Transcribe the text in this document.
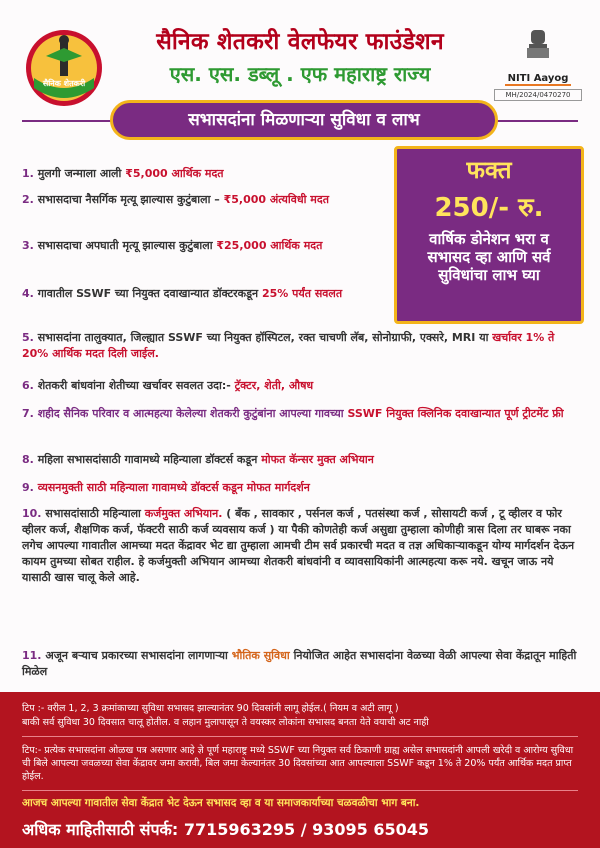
सैनिक शेतकरी
सैनिक शेतकरी वेलफेयर फाउंडेशन
एस. एस. डब्लू . एफ महाराष्ट्र राज्य	NITI Aayog
MH/2024/0470270
सभासदांना मिळणाऱ्या सुविधा व लाभ
फक्त
250/- रु.
वार्षिक डोनेशन भरा व सभासद व्हा आणि सर्व सुविधांचा लाभ घ्या
1. मुलगी जन्माला आली ₹5,000 आर्थिक मदत
2. सभासदाचा नैसर्गिक मृत्यू झाल्यास कुटुंबाला – ₹5,000 अंत्यविधी मदत
3. सभासदाचा अपघाती मृत्यू झाल्यास कुटुंबाला ₹25,000 आर्थिक मदत
4. गावातील SSWF च्या नियुक्त दवाखान्यात डॉक्टरकडून 25% पर्यंत सवलत
5. सभासदांना तालुक्यात, जिल्ह्यात SSWF च्या नियुक्त हॉस्पिटल, रक्त चाचणी लॅब, सोनोग्राफी, एक्सरे, MRI या खर्चावर 1% ते 20% आर्थिक मदत दिली जाईल.
6. शेतकरी बांधवांना शेतीच्या खर्चावर सवलत उदा:- ट्रॅक्टर, शेती, औषध
7. शहीद सैनिक परिवार व आत्महत्या केलेल्या शेतकरी कुटुंबांना आपल्या गावच्या SSWF नियुक्त क्लिनिक दवाखान्यात पूर्ण ट्रीटमेंट फ्री
8. महिला सभासदांसाठी गावामध्ये महिन्याला डॉक्टर्स कडून मोफत कॅन्सर मुक्त अभियान
9. व्यसनमुक्ती साठी महिन्याला गावामध्ये डॉक्टर्स कडून मोफत मार्गदर्शन
10. सभासदांसाठी महिन्याला कर्जमुक्त अभियान. ( बँक , सावकार , पर्सनल कर्ज , पतसंस्था कर्ज , सोसायटी कर्ज , टू व्हीलर व फोर व्हीलर कर्ज, शैक्षणिक कर्ज, फॅक्टरी साठी कर्ज व्यवसाय कर्ज ) या पैकी कोणतेही कर्ज असुद्या तुम्हाला कोणीही त्रास दिला तर घाबरू नका लगेच आपल्या गावातील आमच्या मदत केंद्रावर भेट द्या तुम्हाला आमची टीम सर्व प्रकारची मदत व तज्ञ अधिकाऱ्याकडून योग्य मार्गदर्शन देऊन कायम तुमच्या सोबत राहील. हे कर्जमुक्ती अभियान आमच्या शेतकरी बांधवांनी व व्यावसायिकांनी आत्महत्या करू नये. खचून जाऊ नये यासाठी खास चालू केले आहे.
11. अजून बऱ्याच प्रकारच्या सभासदांना लागणाऱ्या भौतिक सुविधा नियोजित आहेत सभासदांना वेळच्या वेळी आपल्या सेवा केंद्रातून माहिती मिळेल
टिप :- वरील 1, 2, 3 क्रमांकाच्या सुविधा सभासद झाल्यानंतर 90 दिवसांनी लागू होईल.( नियम व अटी लागू )
बाकी सर्व सुविधा 30 दिवसात चालू होतील. व लहान मुलापासून ते वयस्कर लोकांना सभासद बनता येते वयाची अट नाही
टिप:- प्रत्येक सभासदांना ओळख पत्र असणार आहे ज्ञे पूर्ण महाराष्ट्र मध्ये SSWF च्या नियुक्त सर्व ठिकाणी ग्राह्य असेल सभासदांनी आपली खरेदी व आरोग्य सुविधा ची बिले आपल्या जवळच्या सेवा केंद्रावर जमा करावी, बिल जमा केल्यानंतर 30 दिवसांच्या आत आपल्याला SSWF कडून 1% ते 20% पर्यंत आर्थिक मदत प्राप्त होईल.
आजच आपल्या गावातील सेवा केंद्रात भेट देऊन सभासद व्हा व या समाजकार्याच्या चळवळीचा भाग बना.
अधिक माहितीसाठी संपर्क: 7715963295 / 93095 65045
